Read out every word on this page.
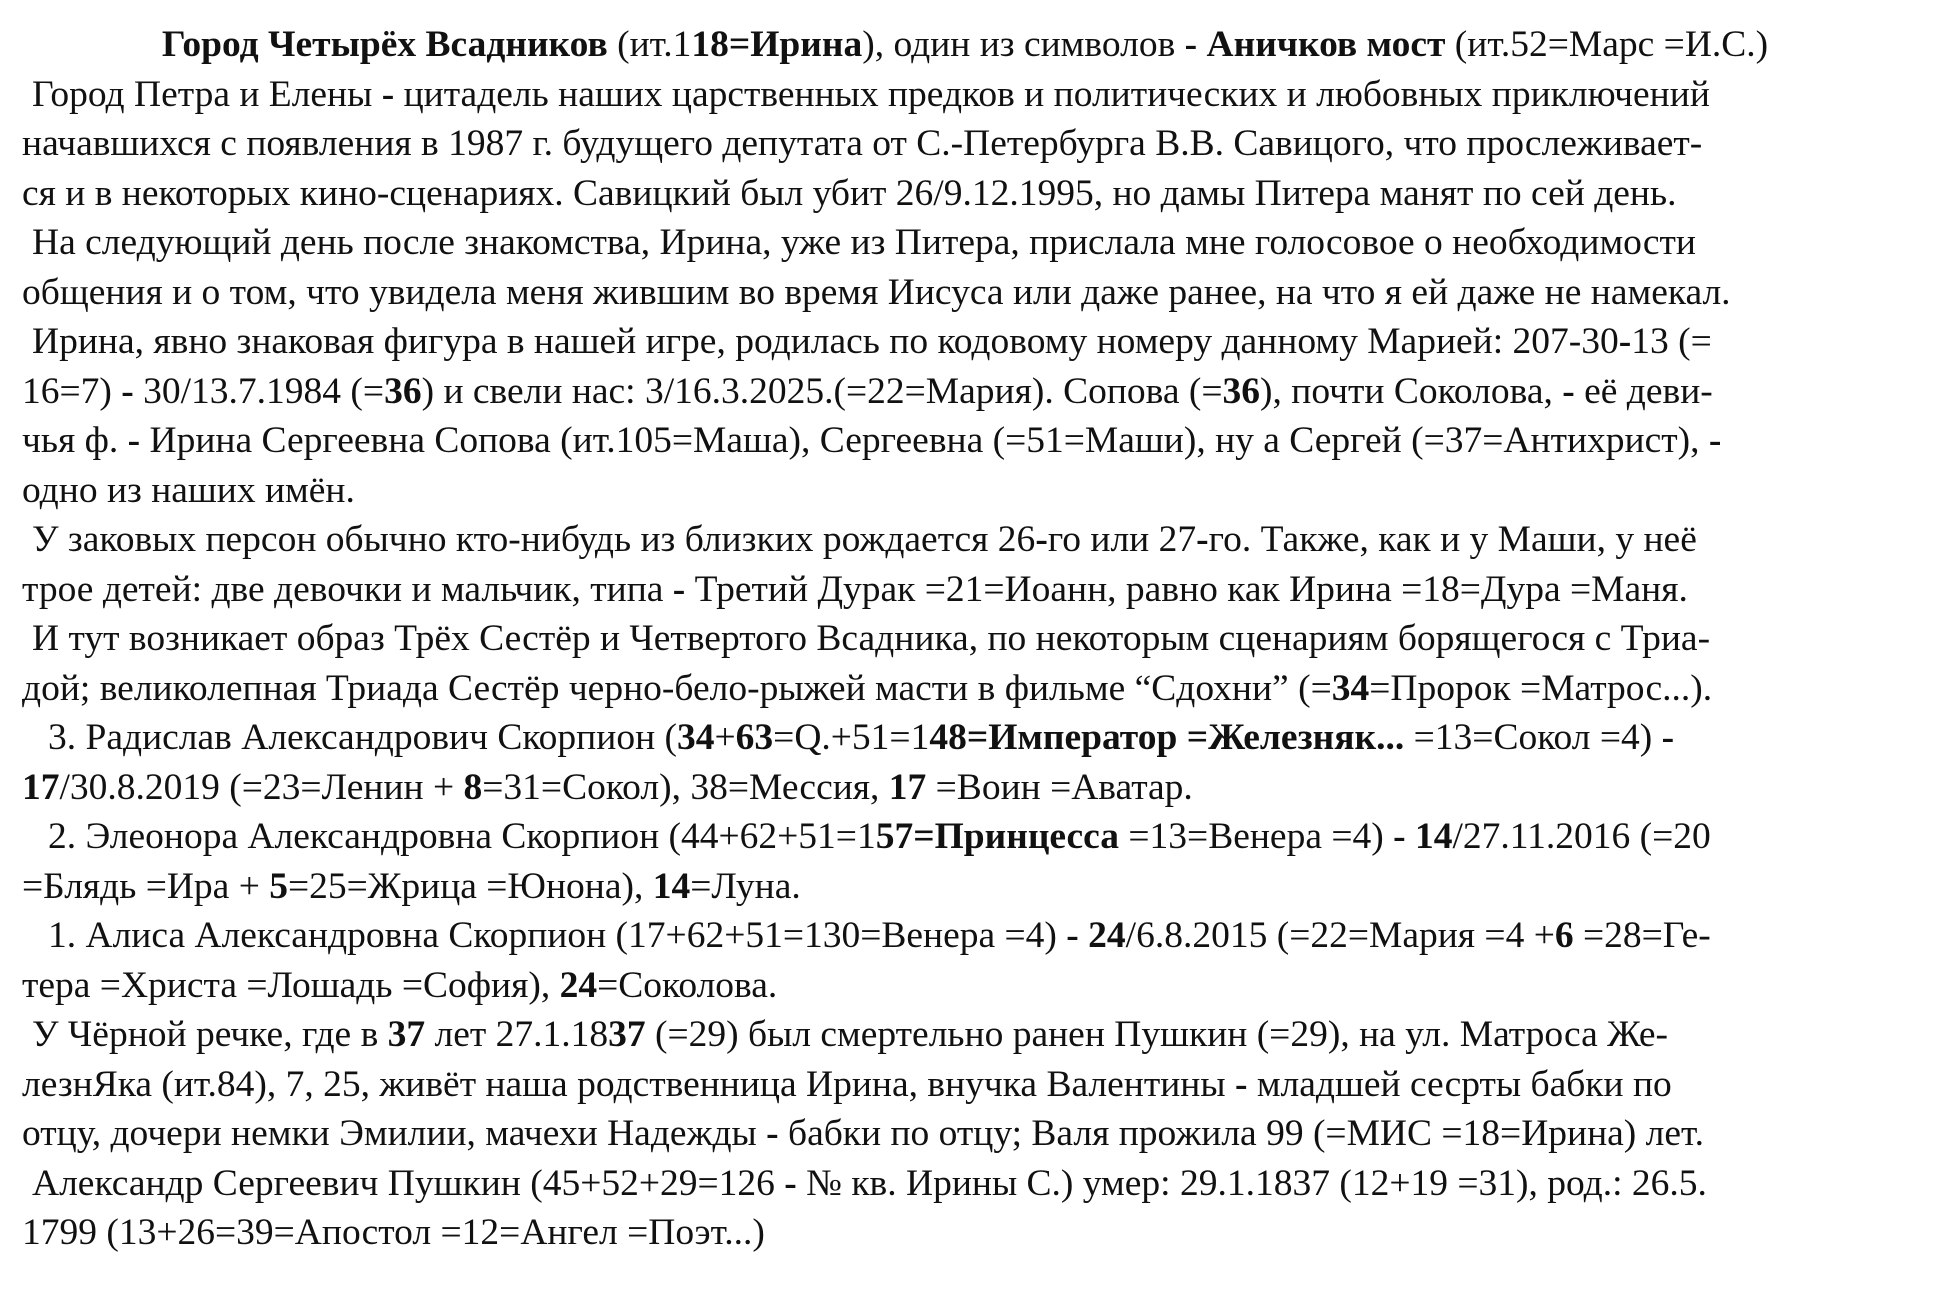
Город Четырёх Всадников (ит.118=Ирина), один из символов - Аничков мост (ит.52=Марс =И.С.)
Город Петра и Елены - цитадель наших царственных предков и политических и любовных приключений
начавшихся с появления в 1987 г. будущего депутата от С.-Петербурга В.В. Савицого, что прослеживает-
ся и в некоторых кино-сценариях. Савицкий был убит 26/9.12.1995, но дамы Питера манят по сей день.
На следующий день после знакомства, Ирина, уже из Питера, прислала мне голосовое о необходимости
общения и о том, что увидела меня жившим во время Иисуса или даже ранее, на что я ей даже не намекал.
Ирина, явно знаковая фигура в нашей игре, родилась по кодовому номеру данному Марией: 207-30-13 (=
16=7) - 30/13.7.1984 (=36) и свели нас: 3/16.3.2025.(=22=Мария). Сопова (=36), почти Соколова, - её деви-
чья ф. - Ирина Сергеевна Сопова (ит.105=Маша), Сергеевна (=51=Маши), ну а Сергей (=37=Антихрист), -
одно из наших имён.
У заковых персон обычно кто-нибудь из близких рождается 26-го или 27-го. Также, как и у Маши, у неё
трое детей: две девочки и мальчик, типа - Третий Дурак =21=Иоанн, равно как Ирина =18=Дура =Маня.
И тут возникает образ Трёх Сестёр и Четвертого Всадника, по некоторым сценариям борящегося с Триа-
дой; великолепная Триада Сестёр черно-бело-рыжей масти в фильме “Сдохни” (=34=Пророк =Матрос...).
3. Радислав Александрович Скорпион (34+63=Q.+51=148=Император =Железняк... =13=Сокол =4) -
17/30.8.2019 (=23=Ленин + 8=31=Сокол), 38=Мессия, 17 =Воин =Аватар.
2. Элеонора Александровна Скорпион (44+62+51=157=Принцесса =13=Венера =4) - 14/27.11.2016 (=20
=Блядь =Ира + 5=25=Жрица =Юнона), 14=Луна.
1. Алиса Александровна Скорпион (17+62+51=130=Венера =4) - 24/6.8.2015 (=22=Мария =4 +6 =28=Ге-
тера =Христа =Лошадь =София), 24=Соколова.
У Чёрной речке, где в 37 лет 27.1.1837 (=29) был смертельно ранен Пушкин (=29), на ул. Матроса Же-
лезнЯка (ит.84), 7, 25, живёт наша родственница Ирина, внучка Валентины - младшей сесрты бабки по
отцу, дочери немки Эмилии, мачехи Надежды - бабки по отцу; Валя прожила 99 (=МИС =18=Ирина) лет.
Александр Сергеевич Пушкин (45+52+29=126 - № кв. Ирины С.) умер: 29.1.1837 (12+19 =31), род.: 26.5.
1799 (13+26=39=Апостол =12=Ангел =Поэт...)
